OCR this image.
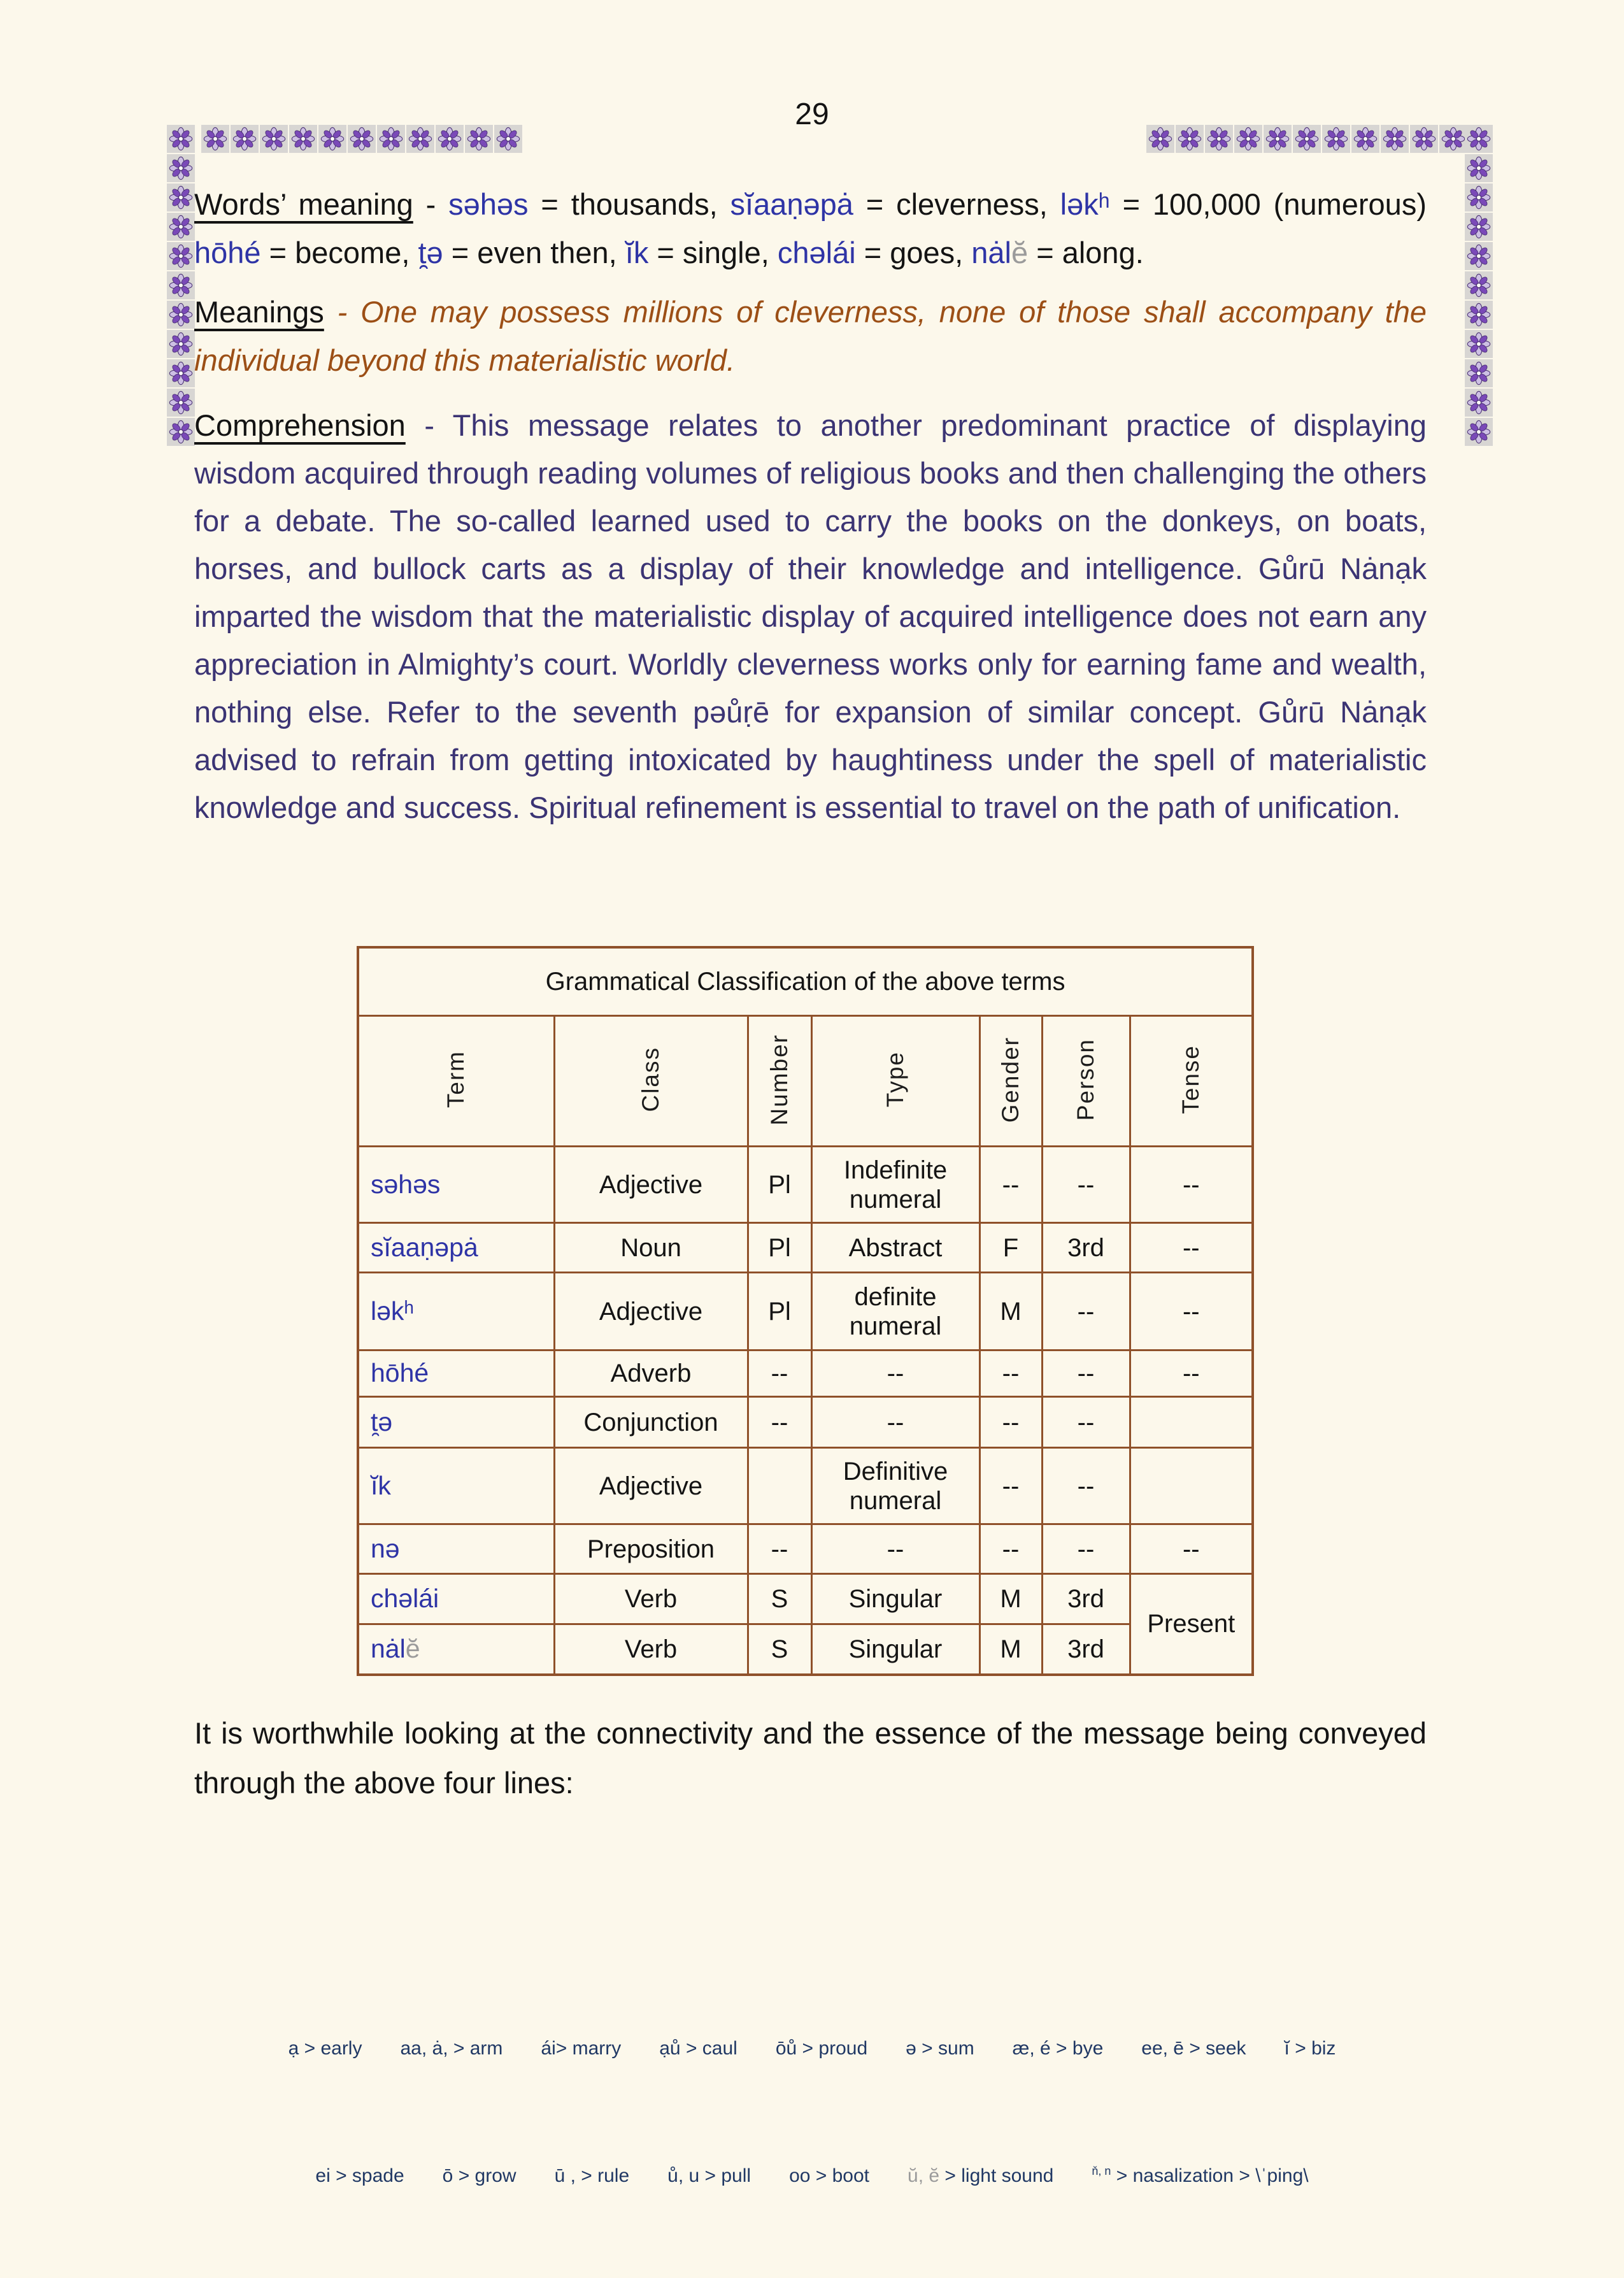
29
Words’ meaning - səhəs = thousands, sĭaaṇəpȧ = cleverness, ləkʰ = 100,000 (numerous) hōhé = become, t̯ə = even then, ĭk = single, chəlái = goes, nȧlĕ = along.
Meanings - One may possess millions of cleverness, none of those shall accompany the individual beyond this materialistic world.
Comprehension - This message relates to another predominant practice of displaying wisdom acquired through reading volumes of religious books and then challenging the others for a debate. The so-called learned used to carry the books on the donkeys, on boats, horses, and bullock carts as a display of their knowledge and intelligence. Gůrū Nȧnạk imparted the wisdom that the materialistic display of acquired intelligence does not earn any appreciation in Almighty’s court. Worldly cleverness works only for earning fame and wealth, nothing else. Refer to the seventh pəůṛē for expansion of similar concept. Gůrū Nȧnạk advised to refrain from getting intoxicated by haughtiness under the spell of materialistic knowledge and success. Spiritual refinement is essential to travel on the path of unification.
Grammatical Classification of the above terms						
Term	Class	Number	Type	Gender	Person	Tense
səhəs	Adjective	Pl	Indefinite numeral	--	--	--
sĭaaṇəpȧ	Noun	Pl	Abstract	F	3rd	--
ləkʰ	Adjective	Pl	definite numeral	M	--	--
hōhé	Adverb	--	--	--	--	--
t̯ə	Conjunction	--	--	--	--	
ĭk	Adjective		Definitive numeral	--	--	
nə	Preposition	--	--	--	--	--
chəlái	Verb	S	Singular	M	3rd	Present
nȧlĕ	Verb	S	Singular	M	3rd	
It is worthwhile looking at the connectivity and the essence of the message being conveyed through the above four lines:

ạ > early  aa, ȧ, > arm  ái> marry  ạů > caul  ōů > proud  ə > sum  æ, é > bye  ee, ē > seek  ĭ > biz

ei > spade  ō > grow  ū , > rule  ů, u > pull  oo > boot  ŭ, ĕ > light sound  $^{ň, n}$ > nasalization > \ˈping\
